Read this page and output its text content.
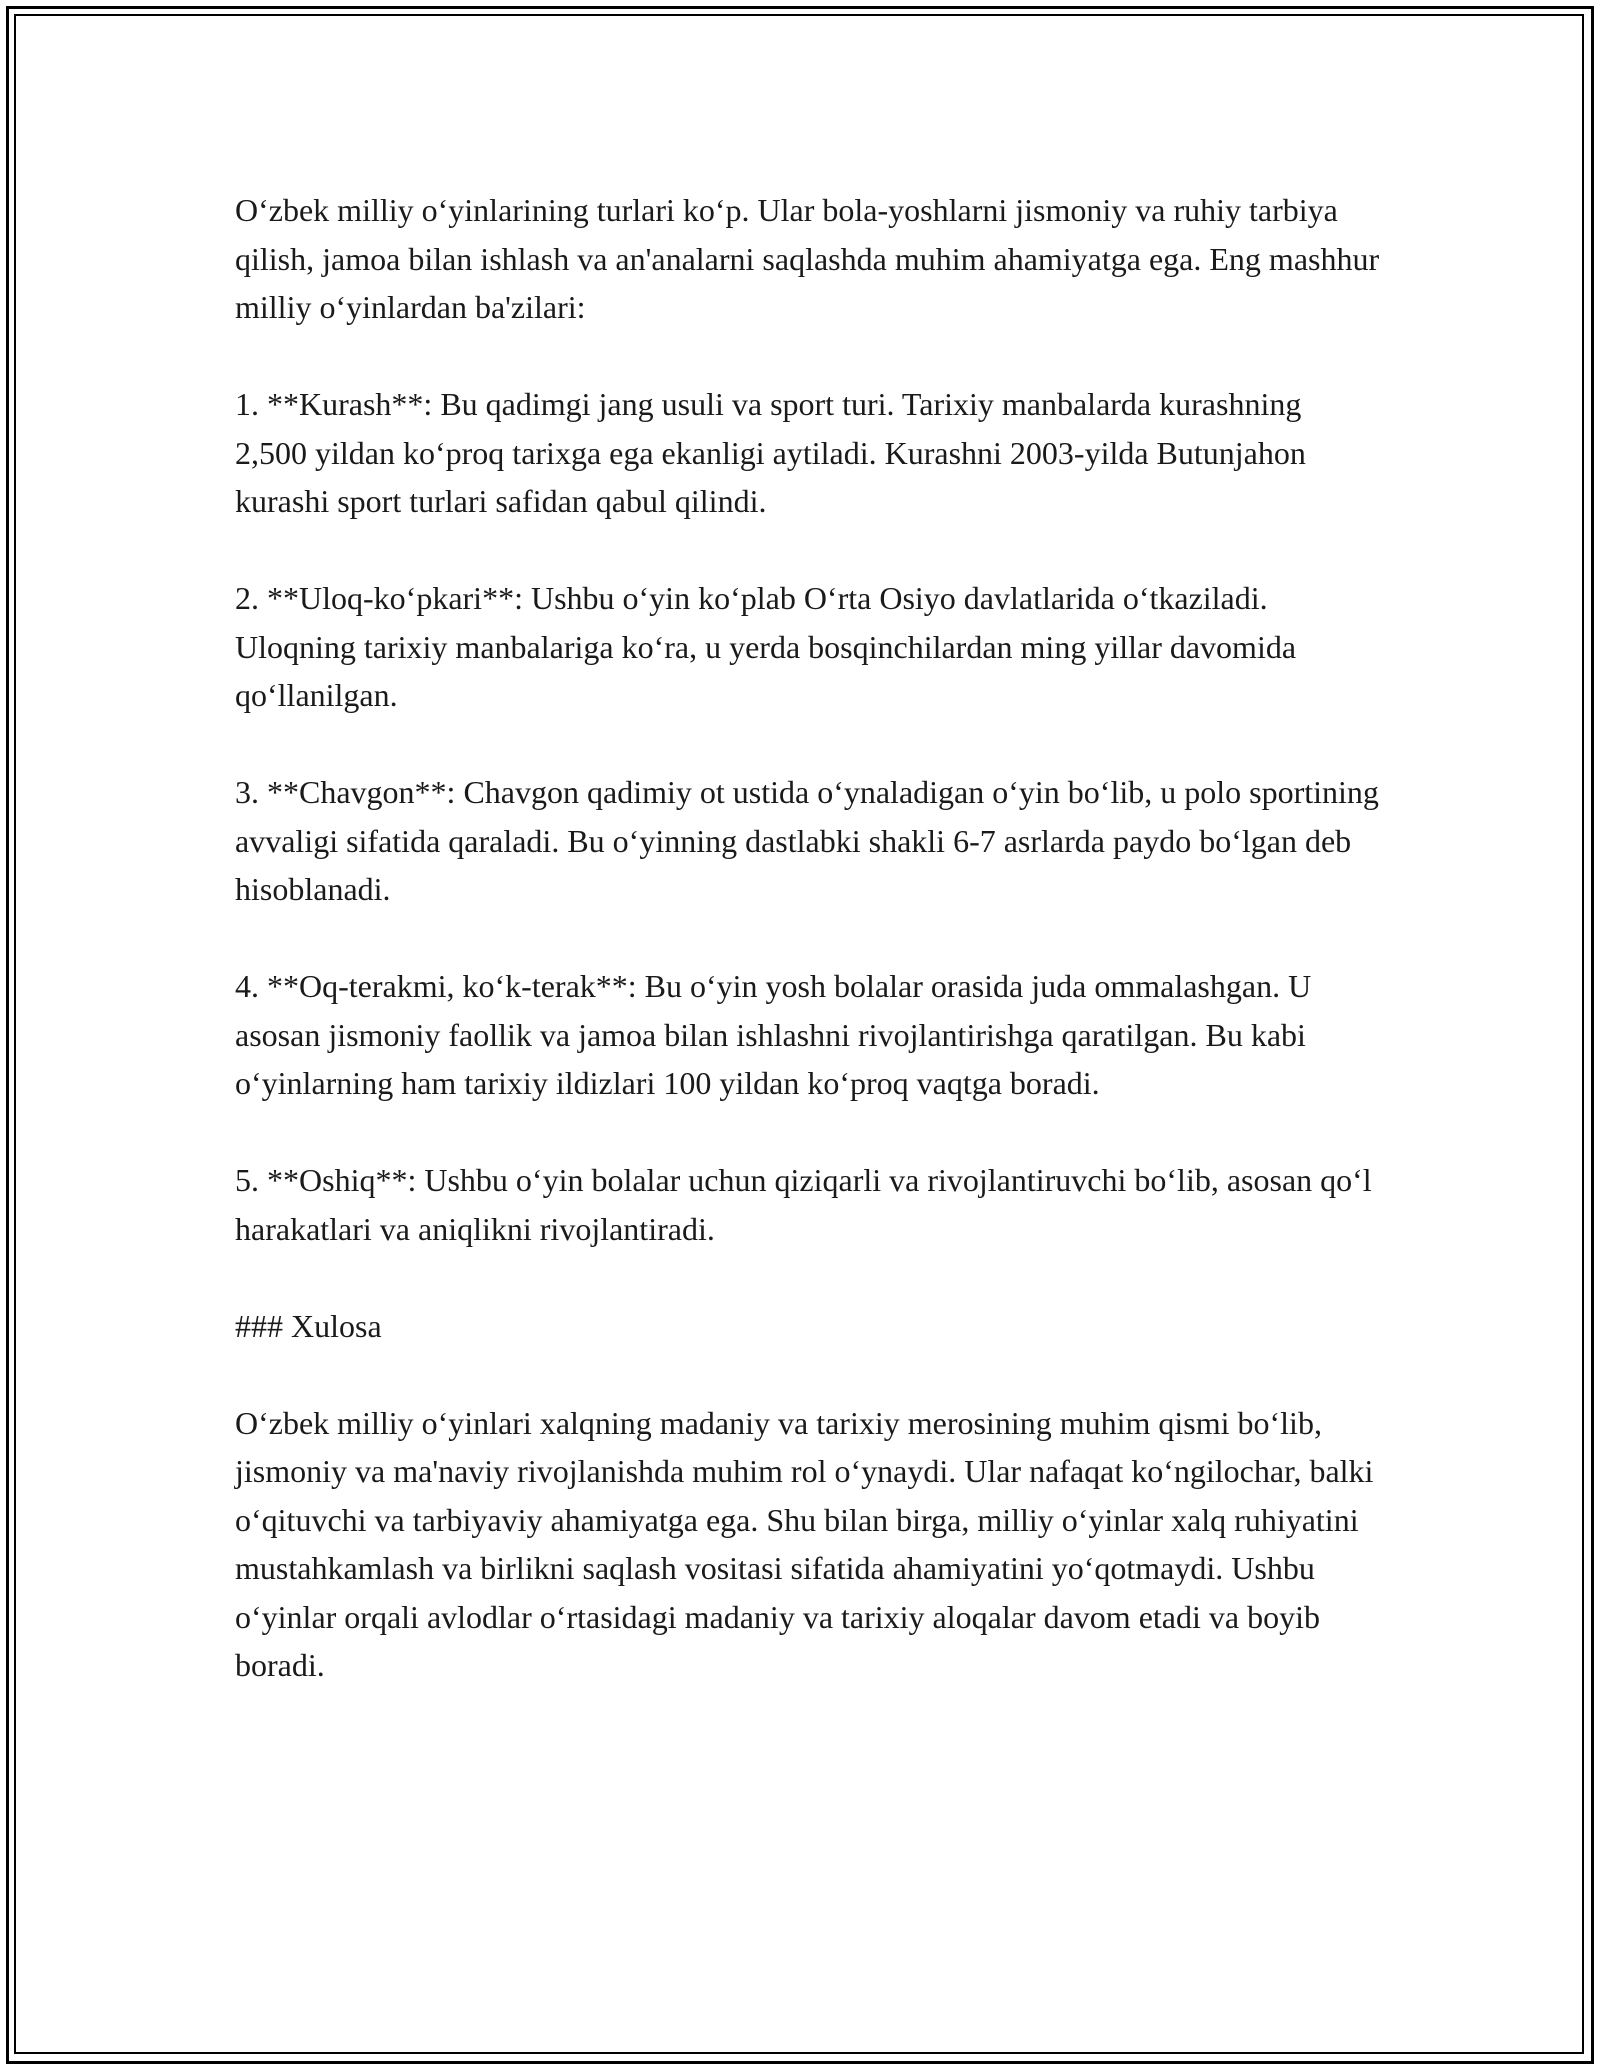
Oʻzbek milliy oʻyinlarining turlari koʻp. Ular bola-yoshlarni jismoniy va ruhiy tarbiya qilish, jamoa bilan ishlash va an'analarni saqlashda muhim ahamiyatga ega. Eng mashhur milliy oʻyinlardan ba'zilari:

1. **Kurash**: Bu qadimgi jang usuli va sport turi. Tarixiy manbalarda kurashning 2,500 yildan koʻproq tarixga ega ekanligi aytiladi. Kurashni 2003-yilda Butunjahon kurashi sport turlari safidan qabul qilindi.

2. **Uloq-koʻpkari**: Ushbu oʻyin koʻplab Oʻrta Osiyo davlatlarida oʻtkaziladi. Uloqning tarixiy manbalariga koʻra, u yerda bosqinchilardan ming yillar davomida qoʻllanilgan.

3. **Chavgon**: Chavgon qadimiy ot ustida oʻynaladigan oʻyin boʻlib, u polo sportining avvaligi sifatida qaraladi. Bu oʻyinning dastlabki shakli 6-7 asrlarda paydo boʻlgan deb hisoblanadi.

4. **Oq-terakmi, koʻk-terak**: Bu oʻyin yosh bolalar orasida juda ommalashgan. U asosan jismoniy faollik va jamoa bilan ishlashni rivojlantirishga qaratilgan. Bu kabi oʻyinlarning ham tarixiy ildizlari 100 yildan koʻproq vaqtga boradi.

5. **Oshiq**: Ushbu oʻyin bolalar uchun qiziqarli va rivojlantiruvchi boʻlib, asosan qoʻl harakatlari va aniqlikni rivojlantiradi.

### Xulosa

Oʻzbek milliy oʻyinlari xalqning madaniy va tarixiy merosining muhim qismi boʻlib, jismoniy va ma'naviy rivojlanishda muhim rol oʻynaydi. Ular nafaqat koʻngilochar, balki oʻqituvchi va tarbiyaviy ahamiyatga ega. Shu bilan birga, milliy oʻyinlar xalq ruhiyatini mustahkamlash va birlikni saqlash vositasi sifatida ahamiyatini yoʻqotmaydi. Ushbu oʻyinlar orqali avlodlar oʻrtasidagi madaniy va tarixiy aloqalar davom etadi va boyib boradi.
